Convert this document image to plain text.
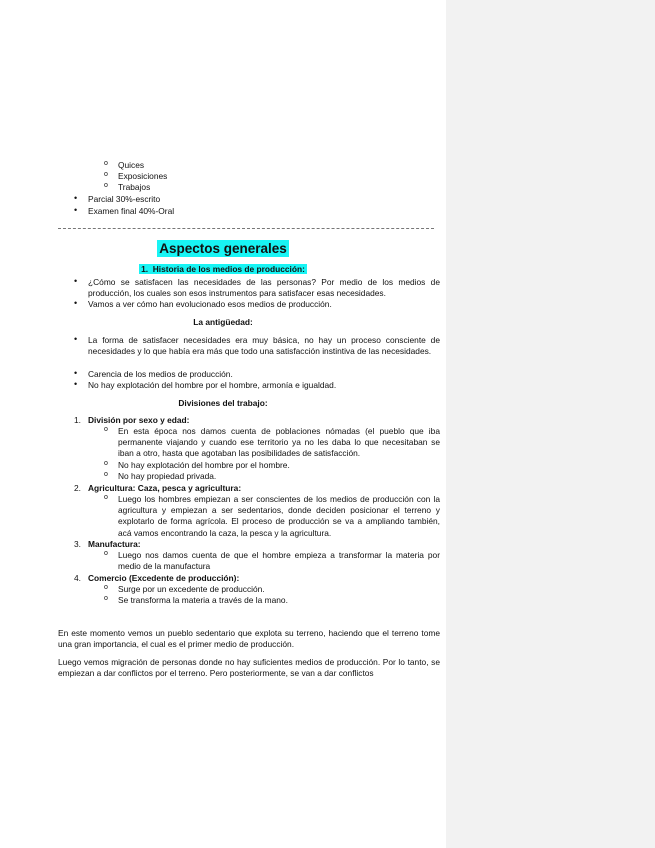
o Quices
o Exposiciones
o Trabajos
• Parcial 30%-escrito
• Examen final 40%-Oral
Aspectos generales
1. Historia de los medios de producción:
• ¿Cómo se satisfacen las necesidades de las personas? Por medio de los medios de producción, los cuales son esos instrumentos para satisfacer esas necesidades.
• Vamos a ver cómo han evolucionado esos medios de producción.
La antigüedad:
• La forma de satisfacer necesidades era muy básica, no hay un proceso consciente de necesidades y lo que había era más que todo una satisfacción instintiva de las necesidades.
• Carencia de los medios de producción.
• No hay explotación del hombre por el hombre, armonía e igualdad.
Divisiones del trabajo:
1. División por sexo y edad:
o En esta época nos damos cuenta de poblaciones nómadas (el pueblo que iba permanente viajando y cuando ese territorio ya no les daba lo que necesitaban se iban a otro, hasta que agotaban las posibilidades de satisfacción.
o No hay explotación del hombre por el hombre.
o No hay propiedad privada.
2. Agricultura: Caza, pesca y agricultura:
o Luego los hombres empiezan a ser conscientes de los medios de producción con la agricultura y empiezan a ser sedentarios, donde deciden posicionar el terreno y explotarlo de forma agrícola. El proceso de producción se va a ampliando también, acá vamos encontrando la caza, la pesca y la agricultura.
3. Manufactura:
o Luego nos damos cuenta de que el hombre empieza a transformar la materia por medio de la manufactura
4. Comercio (Excedente de producción):
o Surge por un excedente de producción.
o Se transforma la materia a través de la mano.
En este momento vemos un pueblo sedentario que explota su terreno, haciendo que el terreno tome una gran importancia, el cual es el primer medio de producción.
Luego vemos migración de personas donde no hay suficientes medios de producción. Por lo tanto, se empiezan a dar conflictos por el terreno. Pero posteriormente, se van a dar conflictos
